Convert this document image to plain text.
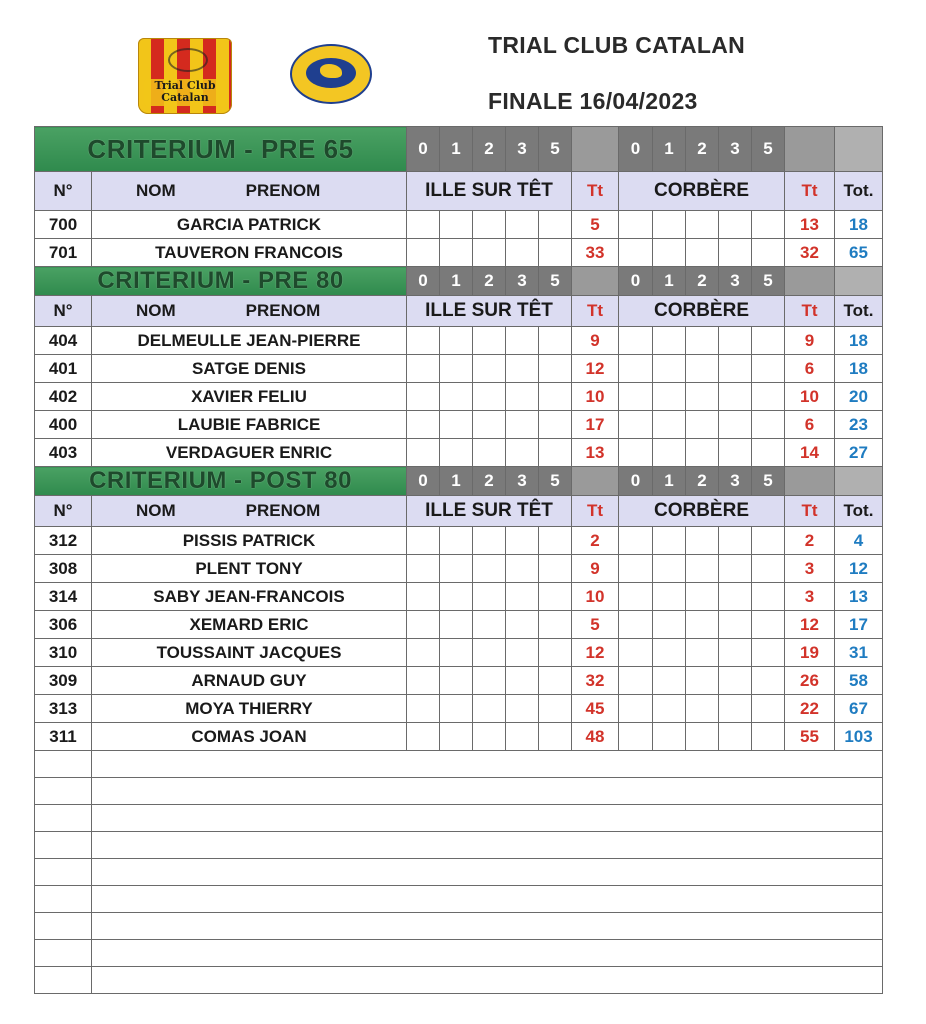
Trial Club Catalan
TRIAL CLUB CATALAN
FINALE 16/04/2023
CRITERIUM - PRE 65		0	1	2	3	5		0	1	2	3	5		
N°	NOM PRENOM	ILLE SUR TÊT					Tt	CORBÈRE					Tt	Tot.
700	GARCIA PATRICK						5						13	18
701	TAUVERON FRANCOIS						33						32	65
CRITERIUM - PRE 80		0	1	2	3	5		0	1	2	3	5		
N°	NOM PRENOM	ILLE SUR TÊT					Tt	CORBÈRE					Tt	Tot.
404	DELMEULLE JEAN-PIERRE						9						9	18
401	SATGE DENIS						12						6	18
402	XAVIER FELIU						10						10	20
400	LAUBIE FABRICE						17						6	23
403	VERDAGUER ENRIC						13						14	27
CRITERIUM - POST 80		0	1	2	3	5		0	1	2	3	5		
N°	NOM PRENOM	ILLE SUR TÊT					Tt	CORBÈRE					Tt	Tot.
312	PISSIS PATRICK						2						2	4
308	PLENT TONY						9						3	12
314	SABY JEAN-FRANCOIS						10						3	13
306	XEMARD ERIC						5						12	17
310	TOUSSAINT JACQUES						12						19	31
309	ARNAUD GUY						32						26	58
313	MOYA THIERRY						45						22	67
311	COMAS JOAN						48						55	103
